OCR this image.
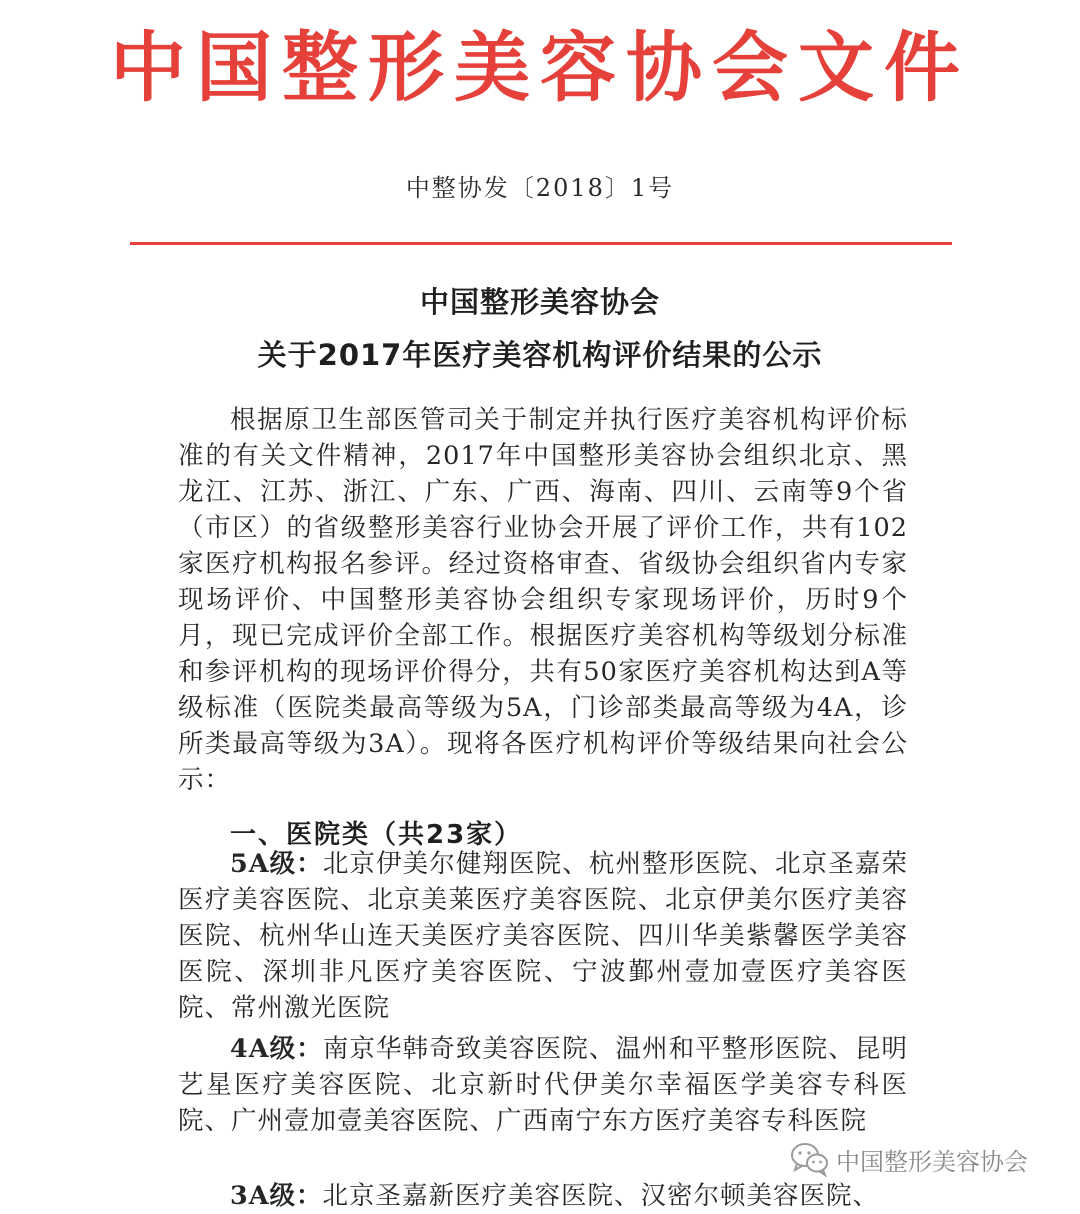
中国整形美容协会文件
中整协发〔2018〕1号
中国整形美容协会
关于2017年医疗美容机构评价结果的公示
根据原卫生部医管司关于制定并执行医疗美容机构评价标准的有关文件精神，2017年中国整形美容协会组织北京、黑龙江、江苏、浙江、广东、广西、海南、四川、云南等9个省（市区）的省级整形美容行业协会开展了评价工作，共有102家医疗机构报名参评。经过资格审查、省级协会组织省内专家现场评价、中国整形美容协会组织专家现场评价，历时9个月，现已完成评价全部工作。根据医疗美容机构等级划分标准和参评机构的现场评价得分，共有50家医疗美容机构达到A等级标准（医院类最高等级为5A，门诊部类最高等级为4A，诊所类最高等级为3A）。现将各医疗机构评价等级结果向社会公示：
一、医院类（共23家）
5A级：北京伊美尔健翔医院、杭州整形医院、北京圣嘉荣医疗美容医院、北京美莱医疗美容医院、北京伊美尔医疗美容医院、杭州华山连天美医疗美容医院、四川华美紫馨医学美容医院、深圳非凡医疗美容医院、宁波鄞州壹加壹医疗美容医院、常州激光医院
4A级：南京华韩奇致美容医院、温州和平整形医院、昆明艺星医疗美容医院、北京新时代伊美尔幸福医学美容专科医院、广州壹加壹美容医院、广西南宁东方医疗美容专科医院
3A级：北京圣嘉新医疗美容医院、汉密尔顿美容医院、
中国整形美容协会
